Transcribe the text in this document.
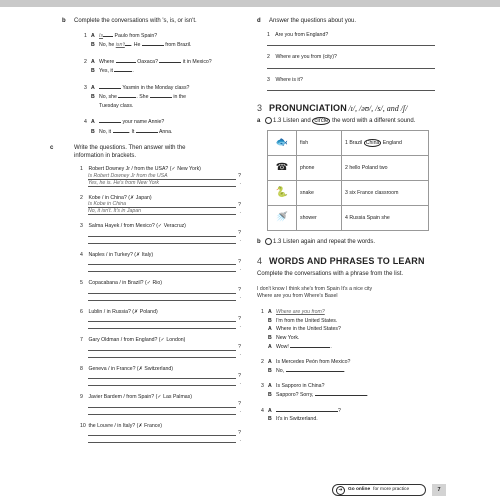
b Complete the conversations with 's, is, or isn't.
1 A Is Paulo from Spain?
B No, he isn't . He	from Brazil.
2 A Where	Oaxaca?	it in Mexico?
B Yes, it	.
3 A	Yasmin in the Monday class?
B No, she	. She	in the
Tuesday class.
4 A	your name Annie?
B No, it	. It	Anna.
c	Write the questions. Then answer with the information in brackets.
1 Robert Downey Jr / from the USA? (✓ New York)
Is Robert Downey Jr from the USA	?
Yes, he is. He's from New York	.
2 Kobe / in China? (✗ Japan)
Is Kobe in China	?
No, it isn't. It's in Japan	.
3 Salma Hayek / from Mexico? (✓ Veracruz)
?
.
4 Naples / in Turkey? (✗ Italy)
?
.
5 Copacabana / in Brazil? (✓ Rio)
?
.
6 Lublin / in Russia? (✗ Poland)
?
.
7 Gary Oldman / from England? (✓ London)
?
.
8 Geneva / in France? (✗ Switzerland)
?
.
9 Javier Bardem / from Spain? (✓ Las Palmas)
?
.
10 the Louvre / in Italy? (✗ France)
?
.
d Answer the questions about you.
1 Are you from England?
2 Where are you from (city)?
3 Where is it?
3 PRONUNCIATION /ɪ/, /əʊ/, /s/, and /ʃ/
a 1.3 Listen and circle the word with a different sound.
🐟	fish	1 Brazil China England
☎	phone	2 hello Poland two
🐍	snake	3 six France classroom
🚿	shower	4 Russia Spain she
b 1.3 Listen again and repeat the words.
4 WORDS AND PHRASES TO LEARN
Complete the conversations with a phrase from the list.
I don't know I think she's from Spain It's a nice city
Where are you from Where's Basel
1 A Where are you from?
B I'm from the United States.
A Where in the United States?
B New York.
A Wow!	.
2 A Is Mercedes Peón from Mexico?
B No,	.
3 A Is Sapporo in China?
B Sapporo? Sorry,	.
4 A	?
B It's in Switzerland.
➜	Go online for more practice	7
